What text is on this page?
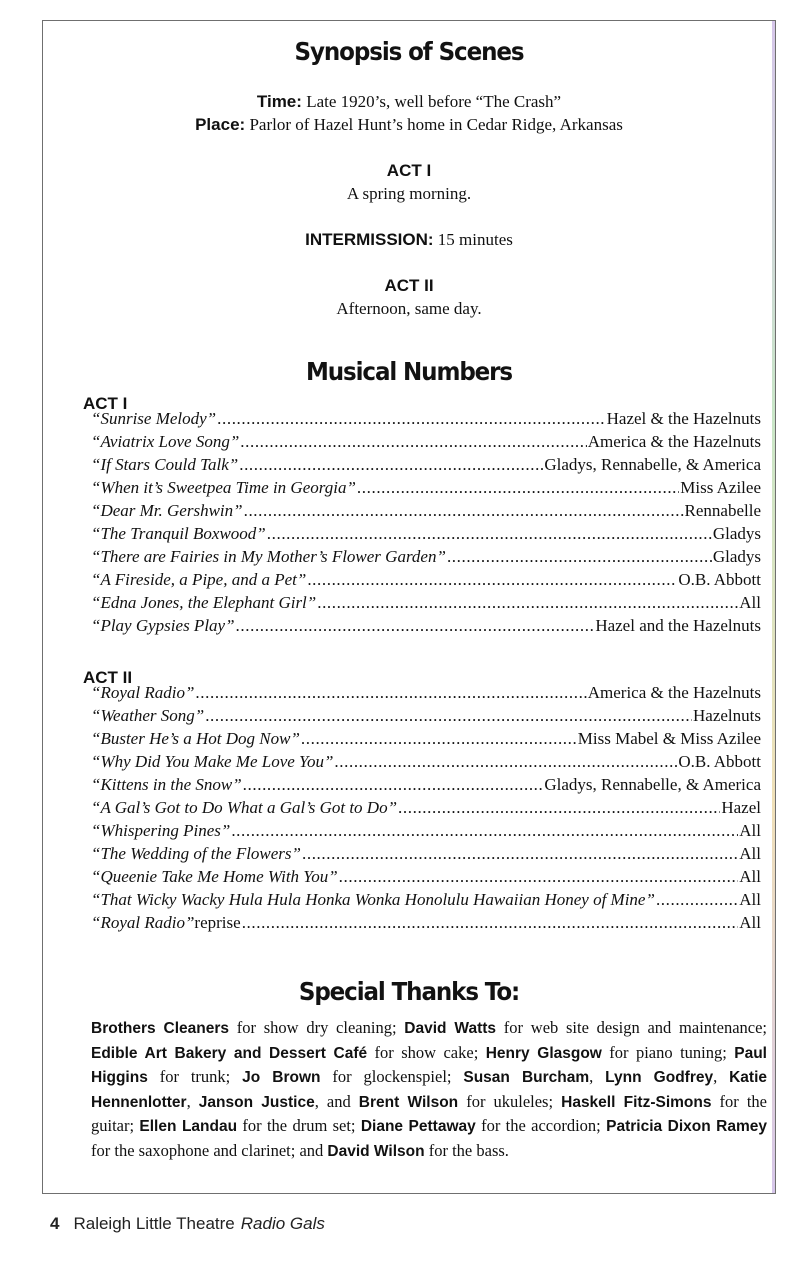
Synopsis of Scenes
Time: Late 1920’s, well before “The Crash”
Place: Parlor of Hazel Hunt’s home in Cedar Ridge, Arkansas
ACT I
A spring morning.
INTERMISSION: 15 minutes
ACT II
Afternoon, same day.
Musical Numbers
ACT I
“Sunrise Melody” .....	Hazel & the Hazelnuts
“Aviatrix Love Song” .....	America & the Hazelnuts
“If Stars Could Talk” .....	Gladys, Rennabelle, & America
“When it’s Sweetpea Time in Georgia” .....	Miss Azilee
“Dear Mr. Gershwin” .....	Rennabelle
“The Tranquil Boxwood” .....	Gladys
“There are Fairies in My Mother’s Flower Garden” .....	Gladys
“A Fireside, a Pipe, and a Pet” .....	O.B. Abbott
“Edna Jones, the Elephant Girl” .....	All
“Play Gypsies Play” .....	Hazel and the Hazelnuts
ACT II
“Royal Radio” .....	America & the Hazelnuts
“Weather Song” .....	Hazelnuts
“Buster He’s a Hot Dog Now” .....	Miss Mabel & Miss Azilee
“Why Did You Make Me Love You” .....	O.B. Abbott
“Kittens in the Snow” .....	Gladys, Rennabelle, & America
“A Gal’s Got to Do What a Gal’s Got to Do” .....	Hazel
“Whispering Pines” .....	All
“The Wedding of the Flowers” .....	All
“Queenie Take Me Home With You” .....	All
“That Wicky Wacky Hula Hula Honka Wonka Honolulu Hawaiian Honey of Mine” .....	All
“Royal Radio” reprise .....	All
Special Thanks To:
Brothers Cleaners for show dry cleaning; David Watts for web site design and maintenance; Edible Art Bakery and Dessert Café for show cake; Henry Glasgow for piano tuning; Paul Higgins for trunk; Jo Brown for glockenspiel; Susan Burcham, Lynn Godfrey, Katie Hennenlotter, Janson Justice, and Brent Wilson for ukuleles; Haskell Fitz-Simons for the guitar; Ellen Landau for the drum set; Diane Pettaway for the accordion; Patricia Dixon Ramey for the saxophone and clarinet; and David Wilson for the bass.
4 Raleigh Little Theatre Radio Gals
